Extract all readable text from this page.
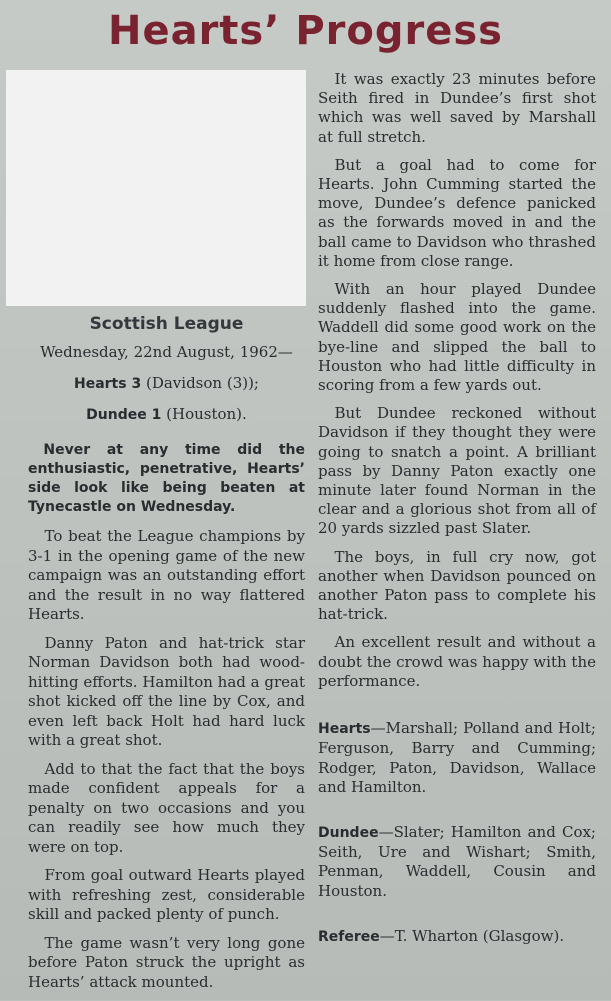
Hearts’ Progress
Scottish League
Wednesday, 22nd August, 1962—
Hearts 3 (Davidson (3));
Dundee 1 (Houston).
Never at any time did the enthusiastic, penetrative, Hearts’ side look like being beaten at Tynecastle on Wednesday.

To beat the League champions by 3-1 in the opening game of the new campaign was an outstanding effort and the result in no way flattered Hearts.

Danny Paton and hat-trick star Norman Davidson both had wood-hitting efforts. Hamilton had a great shot kicked off the line by Cox, and even left back Holt had hard luck with a great shot.

Add to that the fact that the boys made confident appeals for a penalty on two occasions and you can readily see how much they were on top.

From goal outward Hearts played with refreshing zest, considerable skill and packed plenty of punch.

The game wasn’t very long gone before Paton struck the upright as Hearts’ attack mounted.

It was exactly 23 minutes before Seith fired in Dundee’s first shot which was well saved by Marshall at full stretch.

But a goal had to come for Hearts. John Cumming started the move, Dundee’s defence panicked as the forwards moved in and the ball came to Davidson who thrashed it home from close range.

With an hour played Dundee suddenly flashed into the game. Waddell did some good work on the bye-line and slipped the ball to Houston who had little difficulty in scoring from a few yards out.

But Dundee reckoned without Davidson if they thought they were going to snatch a point. A brilliant pass by Danny Paton exactly one minute later found Norman in the clear and a glorious shot from all of 20 yards sizzled past Slater.

The boys, in full cry now, got another when Davidson pounced on another Paton pass to complete his hat-trick.

An excellent result and without a doubt the crowd was happy with the performance.

Hearts—Marshall; Polland and Holt; Ferguson, Barry and Cumming; Rodger, Paton, Davidson, Wallace and Hamilton.

Dundee—Slater; Hamilton and Cox; Seith, Ure and Wishart; Smith, Penman, Waddell, Cousin and Houston.

Referee—T. Wharton (Glasgow).
